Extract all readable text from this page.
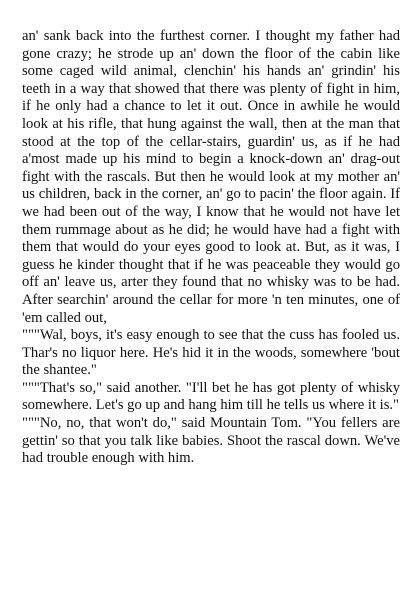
an' sank back into the furthest corner. I thought my father had gone crazy; he strode up an' down the floor of the cabin like some caged wild animal, clenchin' his hands an' grindin' his teeth in a way that showed that there was plenty of fight in him, if he only had a chance to let it out. Once in awhile he would look at his rifle, that hung against the wall, then at the man that stood at the top of the cellar-stairs, guardin' us, as if he had a'most made up his mind to begin a knock-down an' drag-out fight with the rascals. But then he would look at my mother an' us children, back in the corner, an' go to pacin' the floor again. If we had been out of the way, I know that he would not have let them rummage about as he did; he would have had a fight with them that would do your eyes good to look at. But, as it was, I guess he kinder thought that if he was peaceable they would go off an' leave us, arter they found that no whisky was to be had. After searchin' around the cellar for more 'n ten minutes, one of 'em called out,

"""Wal, boys, it's easy enough to see that the cuss has fooled us. Thar's no liquor here. He's hid it in the woods, somewhere 'bout the shantee."

"""That's so," said another. "I'll bet he has got plenty of whisky somewhere. Let's go up and hang him till he tells us where it is."

"""No, no, that won't do," said Mountain Tom. "You fellers are gettin' so that you talk like babies. Shoot the rascal down. We've had trouble enough with him.
